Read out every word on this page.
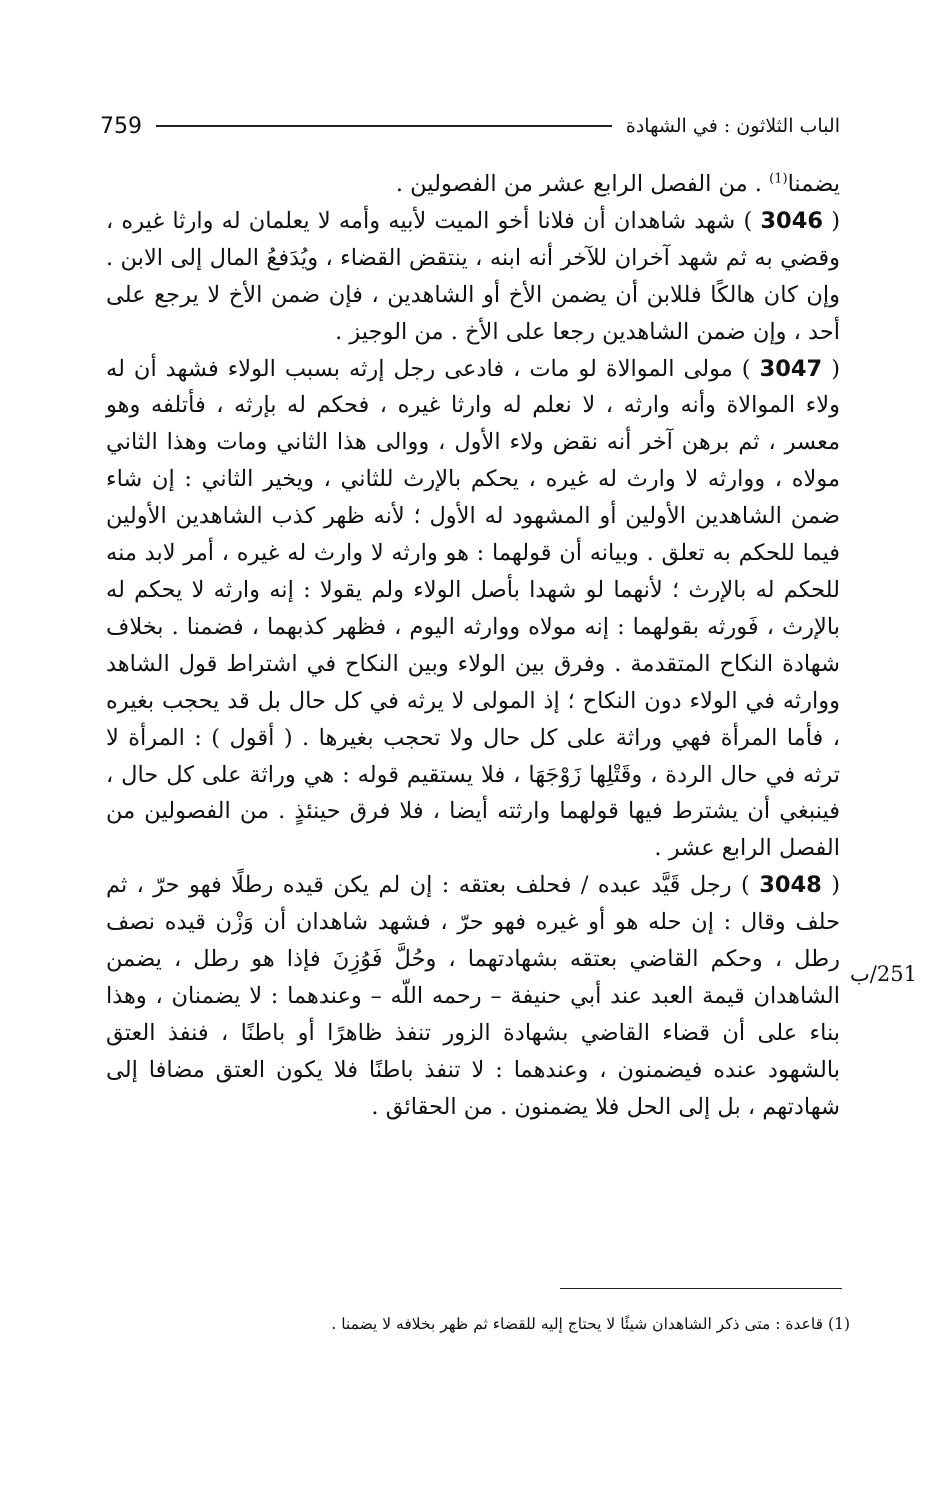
الباب الثلاثون : في الشهادة
759
251/ب

يضمنا$^{(1)}$ . من الفصل الرابع عشر من الفصولين .

( 3046 ) شهد شاهدان أن فلانا أخو الميت لأبيه وأمه لا يعلمان له وارثا غيره ، وقضي به ثم شهد آخران للآخر أنه ابنه ، ينتقض القضاء ، ويُدَفعُ المال إلى الابن . وإن كان هالكًا فللابن أن يضمن الأخ أو الشاهدين ، فإن ضمن الأخ لا يرجع على أحد ، وإن ضمن الشاهدين رجعا على الأخ . من الوجيز .

( 3047 ) مولى الموالاة لو مات ، فادعى رجل إرثه بسبب الولاء فشهد أن له ولاء الموالاة وأنه وارثه ، لا نعلم له وارثا غيره ، فحكم له بإرثه ، فأتلفه وهو معسر ، ثم برهن آخر أنه نقض ولاء الأول ، ووالى هذا الثاني ومات وهذا الثاني مولاه ، ووارثه لا وارث له غيره ، يحكم بالإرث للثاني ، ويخير الثاني : إن شاء ضمن الشاهدين الأولين أو المشهود له الأول ؛ لأنه ظهر كذب الشاهدين الأولين فيما للحكم به تعلق . وبيانه أن قولهما : هو وارثه لا وارث له غيره ، أمر لابد منه للحكم له بالإرث ؛ لأنهما لو شهدا بأصل الولاء ولم يقولا : إنه وارثه لا يحكم له بالإرث ، فَورثه بقولهما : إنه مولاه ووارثه اليوم ، فظهر كذبهما ، فضمنا . بخلاف شهادة النكاح المتقدمة . وفرق بين الولاء وبين النكاح في اشتراط قول الشاهد ووارثه في الولاء دون النكاح ؛ إذ المولى لا يرثه في كل حال بل قد يحجب بغيره ، فأما المرأة فهي وراثة على كل حال ولا تحجب بغيرها . ( أقول ) : المرأة لا ترثه في حال الردة ، وقَتْلِها زَوْجَهَا ، فلا يستقيم قوله : هي وراثة على كل حال ، فينبغي أن يشترط فيها قولهما وارثته أيضا ، فلا فرق حينئذٍ . من الفصولين من الفصل الرابع عشر .

( 3048 ) رجل قَيَّد عبده / فحلف بعتقه : إن لم يكن قيده رطلًا فهو حرّ ، ثم حلف وقال : إن حله هو أو غيره فهو حرّ ، فشهد شاهدان أن وَزْن قيده نصف رطل ، وحكم القاضي بعتقه بشهادتهما ، وحُلَّ فَوُزِنَ فإذا هو رطل ، يضمن الشاهدان قيمة العبد عند أبي حنيفة – رحمه اللّه – وعندهما : لا يضمنان ، وهذا بناء على أن قضاء القاضي بشهادة الزور تنفذ ظاهرًا أو باطنًا ، فنفذ العتق بالشهود عنده فيضمنون ، وعندهما : لا تنفذ باطنًا فلا يكون العتق مضافا إلى شهادتهم ، بل إلى الحل فلا يضمنون . من الحقائق .

(1) قاعدة : متى ذكر الشاهدان شيئًا لا يحتاج إليه للقضاء ثم ظهر بخلافه لا يضمنا .
